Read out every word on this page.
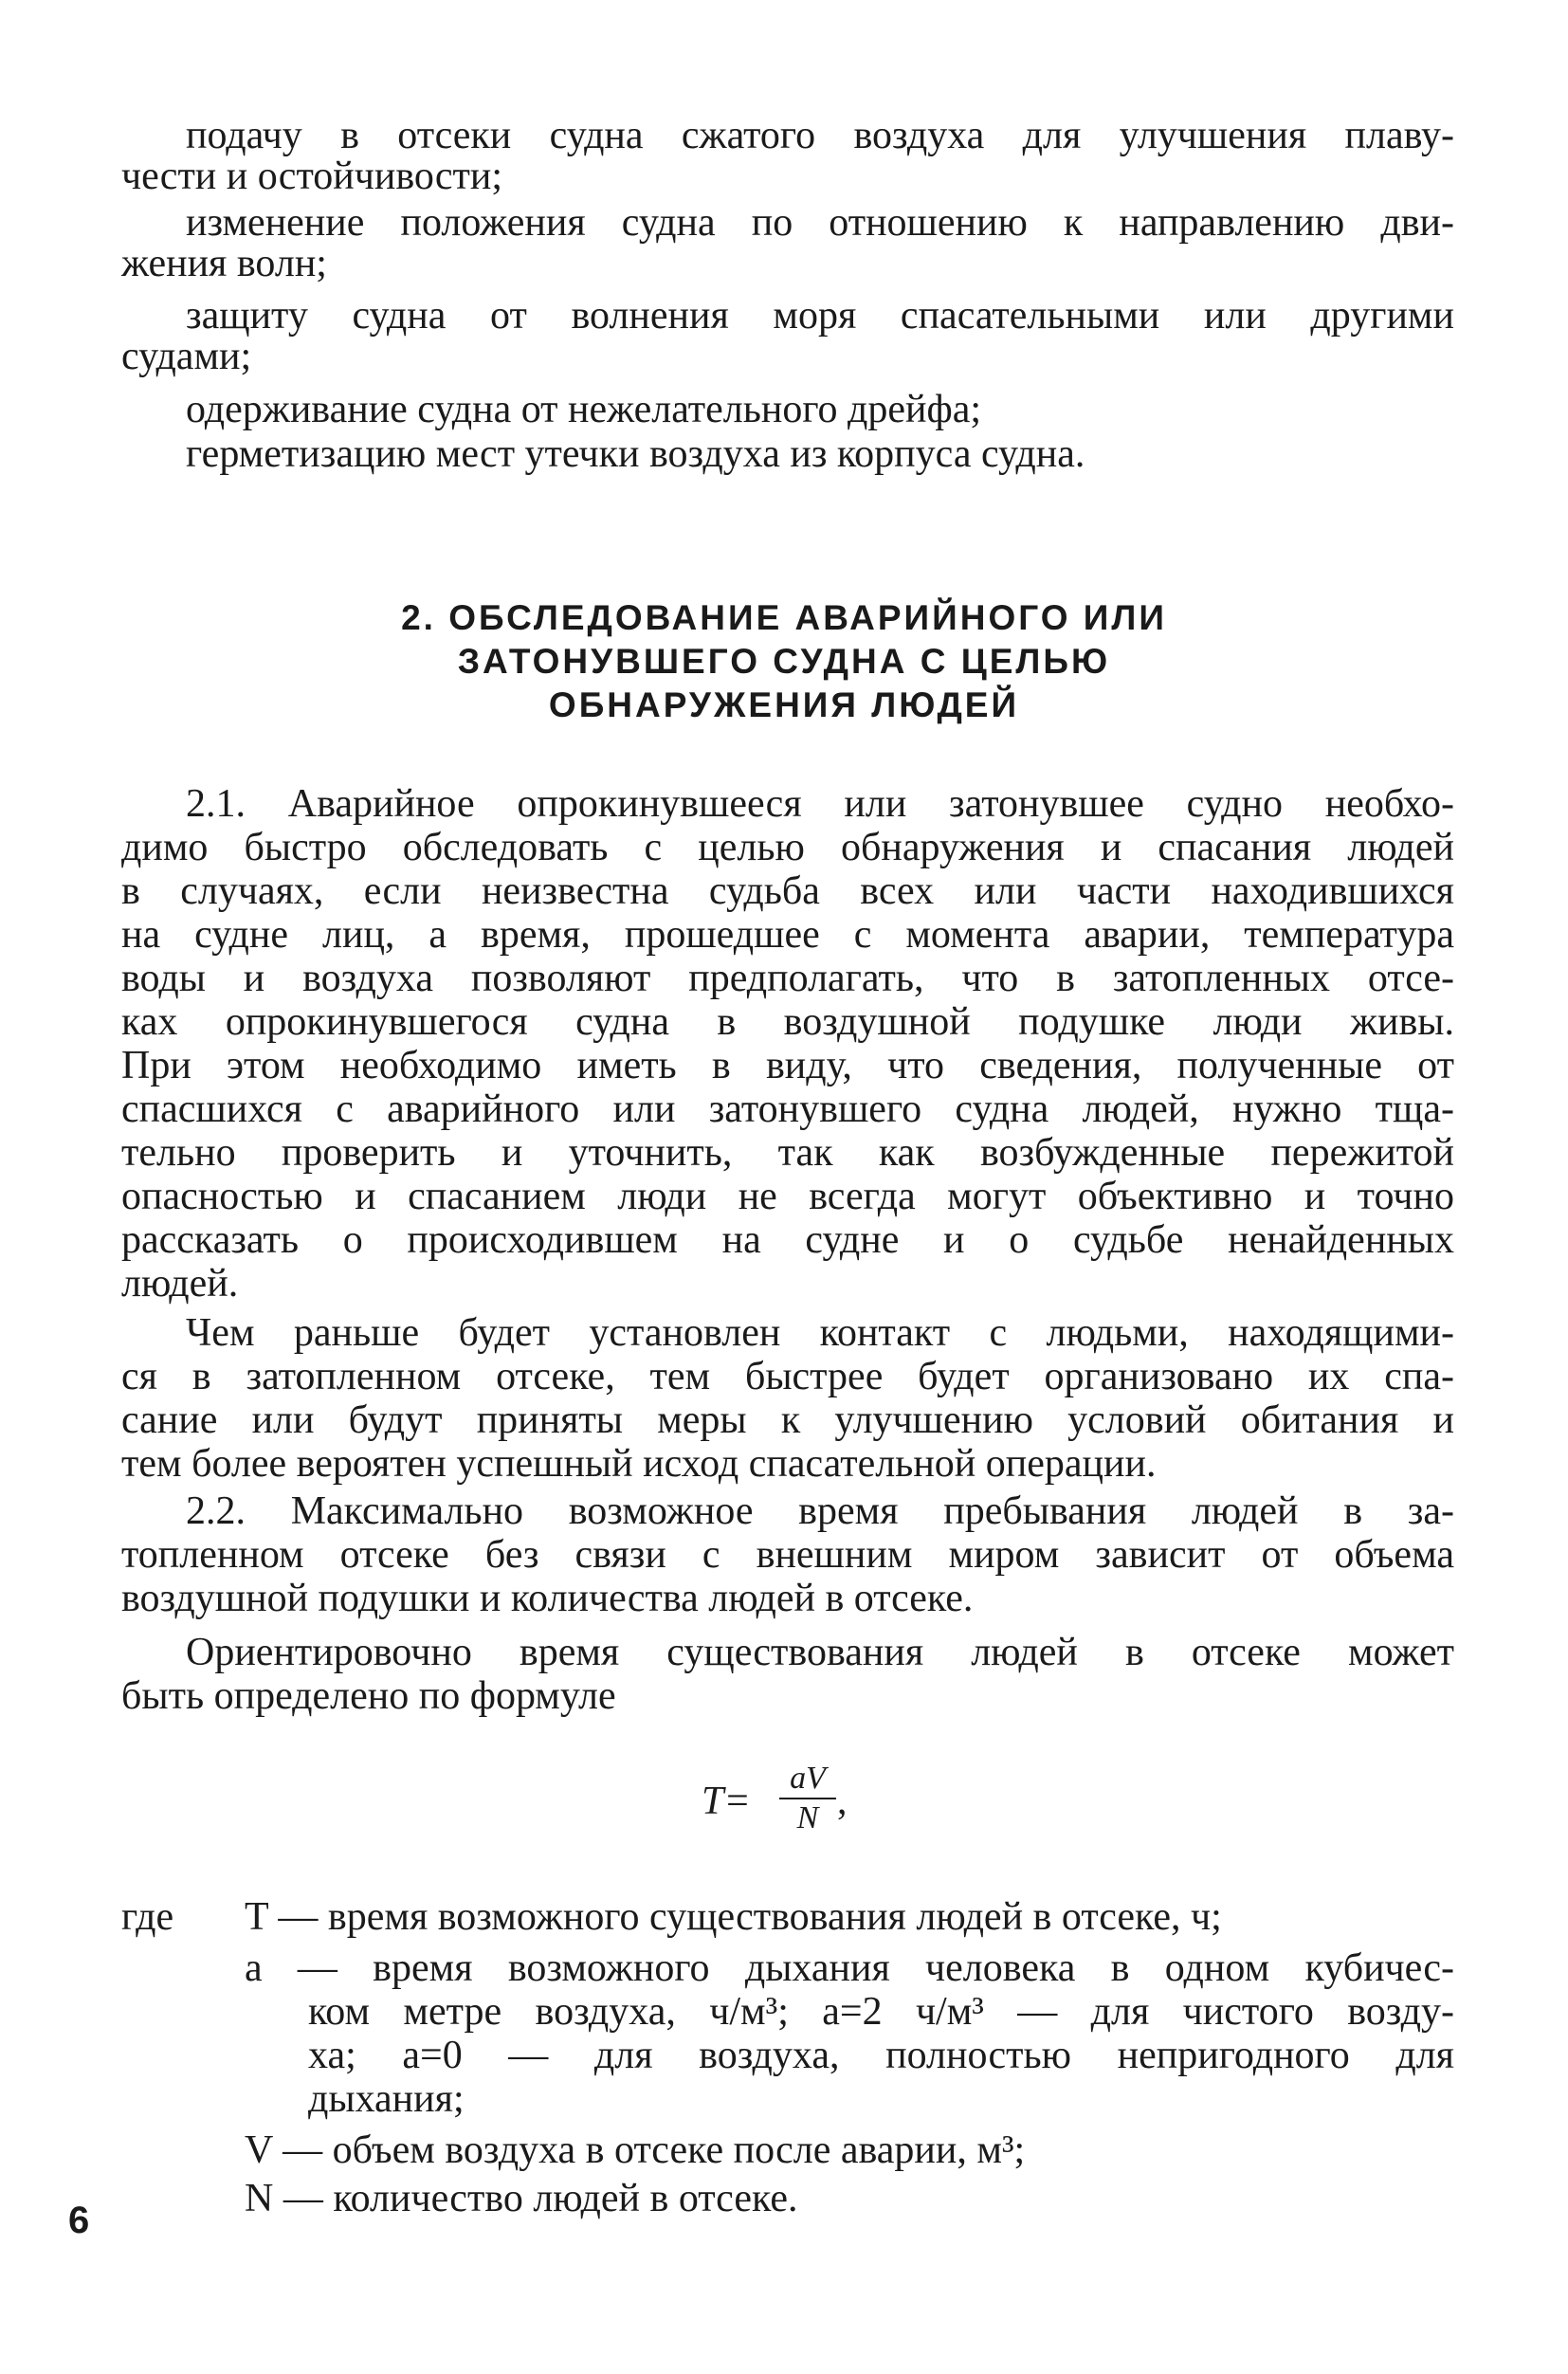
подачу в отсеки судна сжатого воздуха для улучшения плаву-
чести и остойчивости;
изменение положения судна по отношению к направлению дви-
жения волн;
защиту судна от волнения моря спасательными или другими
судами;
одерживание судна от нежелательного дрейфа;
герметизацию мест утечки воздуха из корпуса судна.
2. ОБСЛЕДОВАНИЕ АВАРИЙНОГО ИЛИ
ЗАТОНУВШЕГО СУДНА С ЦЕЛЬЮ
ОБНАРУЖЕНИЯ ЛЮДЕЙ
2.1. Аварийное опрокинувшееся или затонувшее судно необхо-
димо быстро обследовать с целью обнаружения и спасания людей
в случаях, если неизвестна судьба всех или части находившихся
на судне лиц, а время, прошедшее с момента аварии, температура
воды и воздуха позволяют предполагать, что в затопленных отсе-
ках опрокинувшегося судна в воздушной подушке люди живы.
При этом необходимо иметь в виду, что сведения, полученные от
спасшихся с аварийного или затонувшего судна людей, нужно тща-
тельно проверить и уточнить, так как возбужденные пережитой
опасностью и спасанием люди не всегда могут объективно и точно
рассказать о происходившем на судне и о судьбе ненайденных
людей.
Чем раньше будет установлен контакт с людьми, находящими-
ся в затопленном отсеке, тем быстрее будет организовано их спа-
сание или будут приняты меры к улучшению условий обитания и
тем более вероятен успешный исход спасательной операции.
2.2. Максимально возможное время пребывания людей в за-
топленном отсеке без связи с внешним миром зависит от объема
воздушной подушки и количества людей в отсеке.
Ориентировочно время существования людей в отсеке может
быть определено по формуле
T=
aV
N ,
где T — время возможного существования людей в отсеке, ч;
a — время возможного дыхания человека в одном кубичес-
ком метре воздуха, ч/м³; a=2 ч/м³ — для чистого возду-
ха; a=0 — для воздуха, полностью непригодного для
дыхания;
V — объем воздуха в отсеке после аварии, м³;
N — количество людей в отсеке.
6
